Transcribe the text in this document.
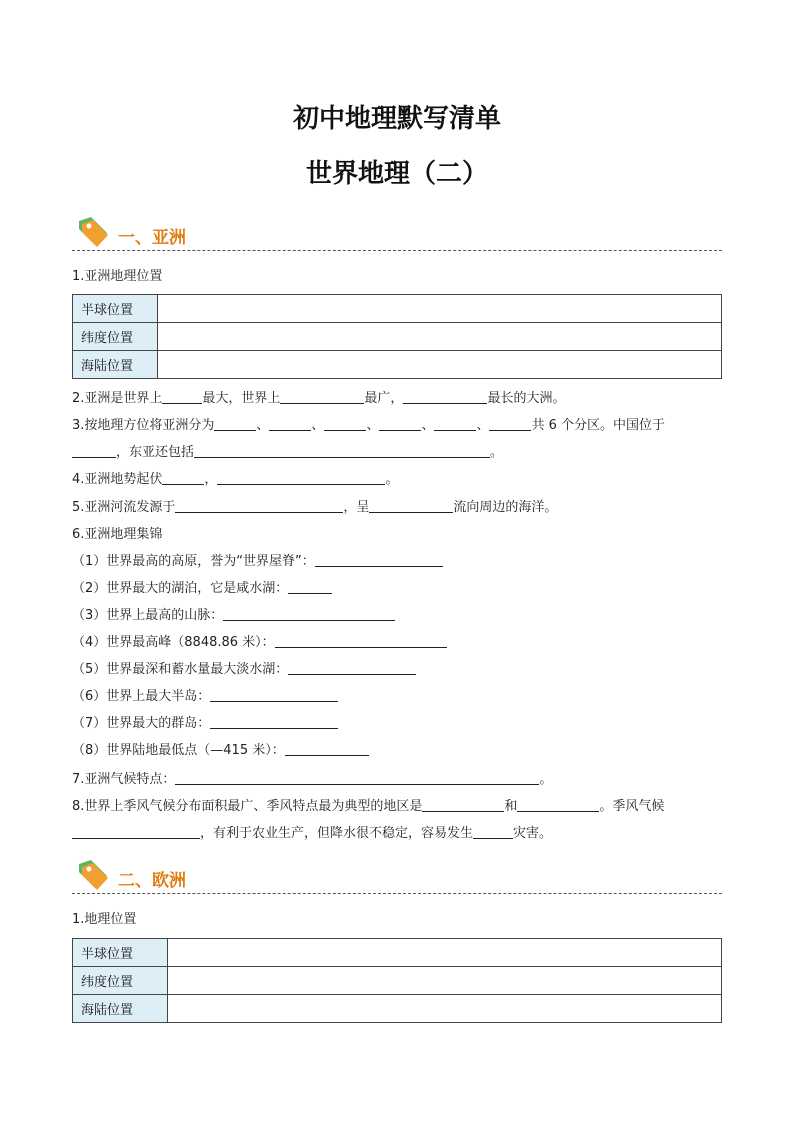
初中地理默写清单
世界地理（二）
一、亚洲
1.亚洲地理位置
半球位置	
纬度位置	
海陆位置	
2.亚洲是世界上	最大，世界上	最广，	最长的大洲。
3.按地理方位将亚洲分为	、	、	、	、	、	共 6 个分区。中国位于
，东亚还包括	。
4.亚洲地势起伏	，	。
5.亚洲河流发源于	，呈	流向周边的海洋。
6.亚洲地理集锦
（1）世界最高的高原，誉为“世界屋脊”：
（2）世界最大的湖泊，它是咸水湖：
（3）世界上最高的山脉：
（4）世界最高峰（8848.86 米）：
（5）世界最深和蓄水量最大淡水湖：
（6）世界上最大半岛：
（7）世界最大的群岛：
（8）世界陆地最低点（—415 米）：
7.亚洲气候特点：	。
8.世界上季风气候分布面积最广、季风特点最为典型的地区是	和	。季风气候
，有利于农业生产，但降水很不稳定，容易发生	灾害。
二、欧洲
1.地理位置
半球位置	
纬度位置	
海陆位置	
